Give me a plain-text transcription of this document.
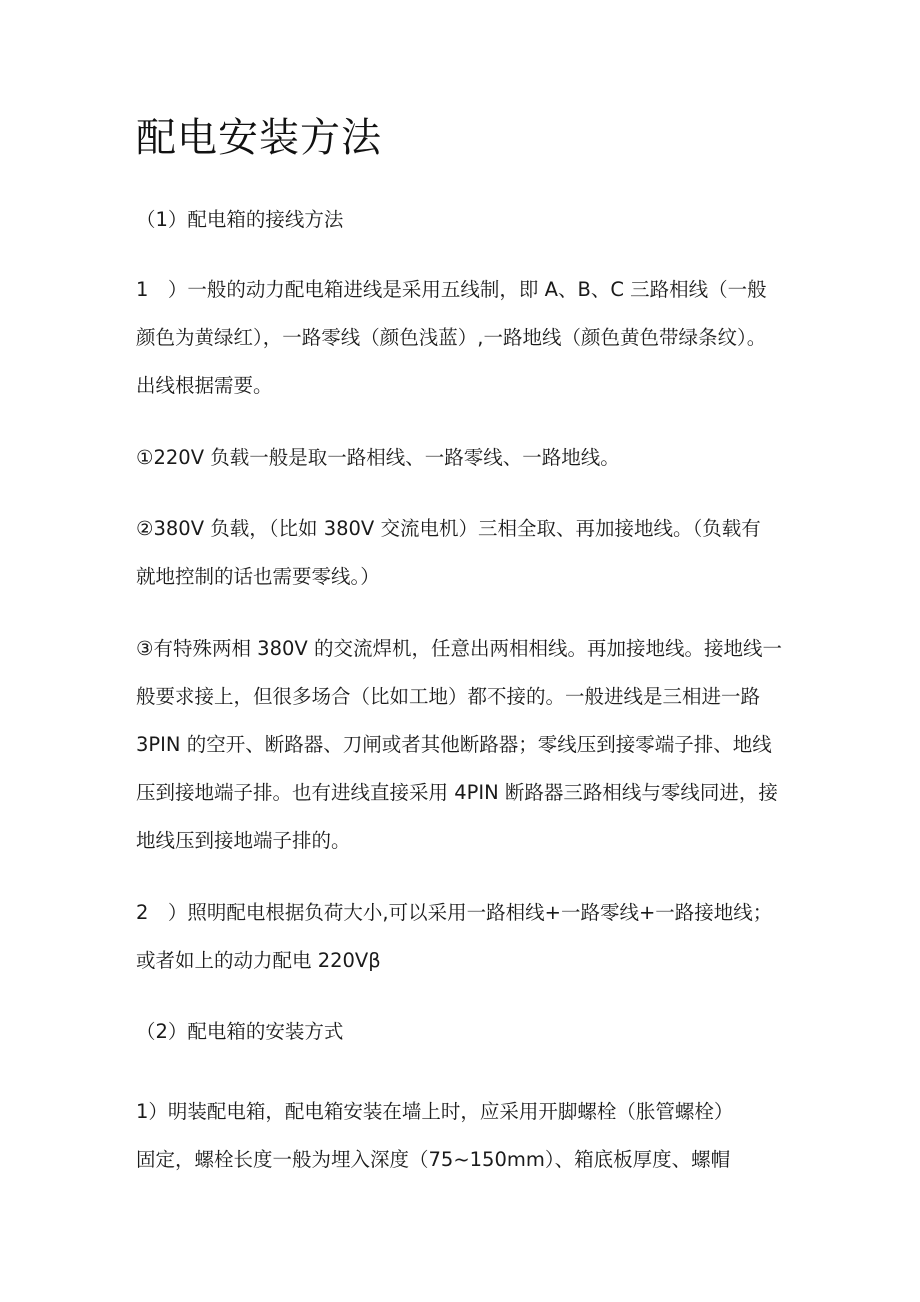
配电安装方法

（1）配电箱的接线方法

1　）一般的动力配电箱进线是采用五线制，即 A、B、C 三路相线（一般
颜色为黄绿红），一路零线（颜色浅蓝）,一路地线（颜色黄色带绿条纹）。
出线根据需要。
①220V 负载一般是取一路相线、一路零线、一路地线。
②380V 负载，（比如 380V 交流电机）三相全取、再加接地线。（负载有
就地控制的话也需要零线。）
③有特殊两相 380V 的交流焊机，任意出两相相线。再加接地线。接地线一
般要求接上，但很多场合（比如工地）都不接的。一般进线是三相进一路
3PIN 的空开、断路器、刀闸或者其他断路器；零线压到接零端子排、地线
压到接地端子排。也有进线直接采用 4PIN 断路器三路相线与零线同进，接
地线压到接地端子排的。
2　）照明配电根据负荷大小,可以采用一路相线+一路零线+一路接地线；
或者如上的动力配电 220Vβ

（2）配电箱的安装方式

1）明装配电箱，配电箱安装在墙上时，应采用开脚螺栓（胀管螺栓）
固定，螺栓长度一般为埋入深度（75~150mm）、箱底板厚度、螺帽
